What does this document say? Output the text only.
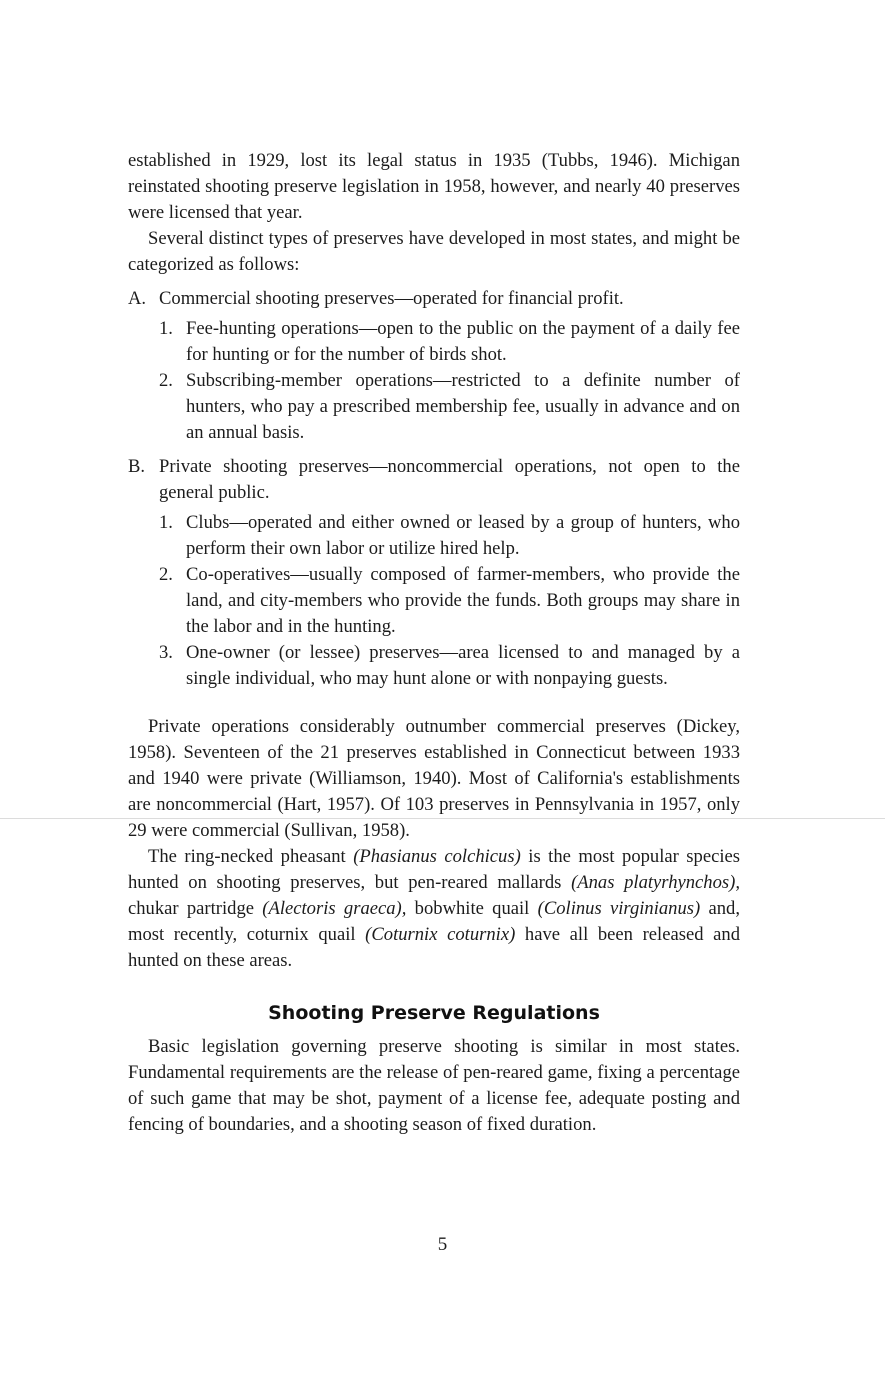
established in 1929, lost its legal status in 1935 (Tubbs, 1946). Michigan reinstated shooting preserve legislation in 1958, however, and nearly 40 preserves were licensed that year.

Several distinct types of preserves have developed in most states, and might be categorized as follows:

A. Commercial shooting preserves—operated for financial profit.
1. Fee-hunting operations—open to the public on the payment of a daily fee for hunting or for the number of birds shot.
2. Subscribing-member operations—restricted to a definite number of hunters, who pay a prescribed membership fee, usually in advance and on an annual basis.
B. Private shooting preserves—noncommercial operations, not open to the general public.
1. Clubs—operated and either owned or leased by a group of hunters, who perform their own labor or utilize hired help.
2. Co-operatives—usually composed of farmer-members, who provide the land, and city-members who provide the funds. Both groups may share in the labor and in the hunting.
3. One-owner (or lessee) preserves—area licensed to and managed by a single individual, who may hunt alone or with nonpaying guests.

Private operations considerably outnumber commercial preserves (Dickey, 1958). Seventeen of the 21 preserves established in Connecticut between 1933 and 1940 were private (Williamson, 1940). Most of California's establishments are noncommercial (Hart, 1957). Of 103 preserves in Pennsylvania in 1957, only 29 were commercial (Sullivan, 1958).

The ring-necked pheasant (Phasianus colchicus) is the most popular species hunted on shooting preserves, but pen-reared mallards (Anas platyrhynchos), chukar partridge (Alectoris graeca), bobwhite quail (Colinus virginianus) and, most recently, coturnix quail (Coturnix coturnix) have all been released and hunted on these areas.

Shooting Preserve Regulations

Basic legislation governing preserve shooting is similar in most states. Fundamental requirements are the release of pen-reared game, fixing a percentage of such game that may be shot, payment of a license fee, adequate posting and fencing of boundaries, and a shooting season of fixed duration.

5
